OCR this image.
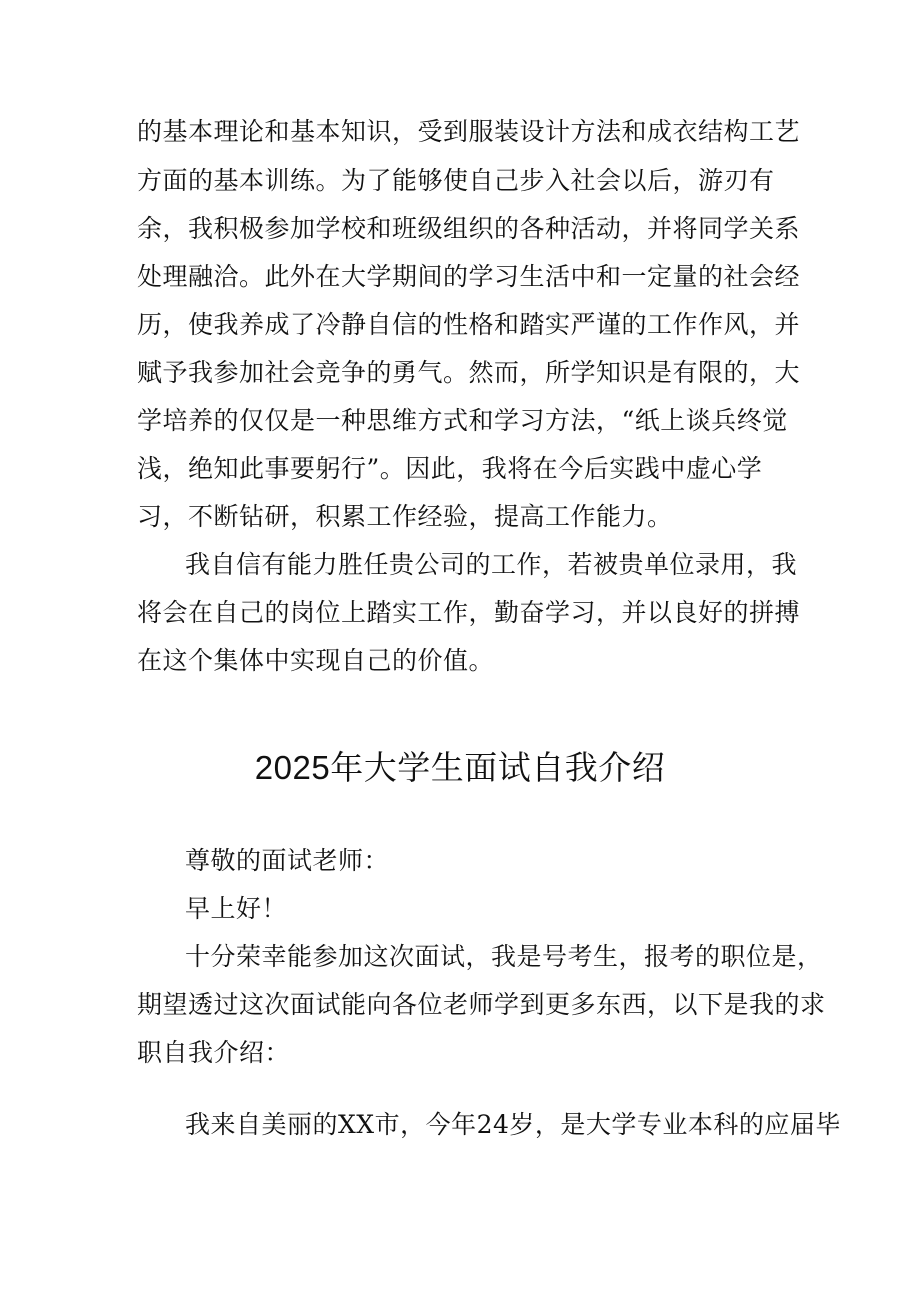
的基本理论和基本知识，受到服装设计方法和成衣结构工艺
方面的基本训练。为了能够使自己步入社会以后，游刃有
余，我积极参加学校和班级组织的各种活动，并将同学关系
处理融洽。此外在大学期间的学习生活中和一定量的社会经
历，使我养成了冷静自信的性格和踏实严谨的工作作风，并
赋予我参加社会竞争的勇气。然而，所学知识是有限的，大
学培养的仅仅是一种思维方式和学习方法，“纸上谈兵终觉
浅，绝知此事要躬行”。因此，我将在今后实践中虚心学
习，不断钻研，积累工作经验，提高工作能力。
我自信有能力胜任贵公司的工作，若被贵单位录用，我
将会在自己的岗位上踏实工作，勤奋学习，并以良好的拼搏
在这个集体中实现自己的价值。
2025年大学生面试自我介绍
尊敬的面试老师：
早上好！
十分荣幸能参加这次面试，我是号考生，报考的职位是，
期望透过这次面试能向各位老师学到更多东西，以下是我的求
职自我介绍：
我来自美丽的XX市，今年24岁，是大学专业本科的应届毕
